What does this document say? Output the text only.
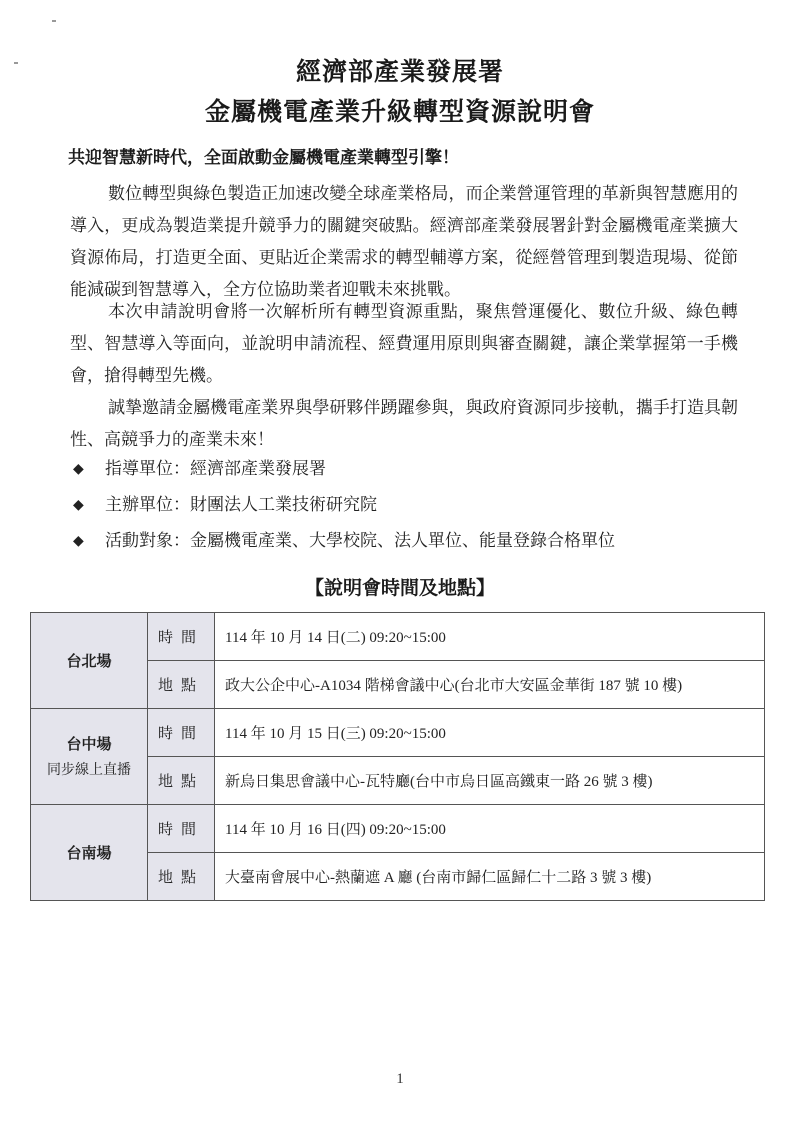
經濟部產業發展署
金屬機電產業升級轉型資源說明會
共迎智慧新時代，全面啟動金屬機電產業轉型引擎！
數位轉型與綠色製造正加速改變全球產業格局，而企業營運管理的革新與智慧應用的導入，更成為製造業提升競爭力的關鍵突破點。經濟部產業發展署針對金屬機電產業擴大資源佈局，打造更全面、更貼近企業需求的轉型輔導方案，從經營管理到製造現場、從節能減碳到智慧導入，全方位協助業者迎戰未來挑戰。
本次申請說明會將一次解析所有轉型資源重點，聚焦營運優化、數位升級、綠色轉型、智慧導入等面向，並說明申請流程、經費運用原則與審查關鍵，讓企業掌握第一手機會，搶得轉型先機。
誠摯邀請金屬機電產業界與學研夥伴踴躍參與，與政府資源同步接軌，攜手打造具韌性、高競爭力的產業未來！
◆	指導單位：經濟部產業發展署
◆	主辦單位：財團法人工業技術研究院
◆	活動對象：金屬機電產業、大學校院、法人單位、能量登錄合格單位
【說明會時間及地點】
台北場	時間	114 年 10 月 14 日(二) 09:20~15:00
	地點	政大公企中心-A1034 階梯會議中心(台北市大安區金華街 187 號 10 樓)
台中場
同步線上直播	時間	114 年 10 月 15 日(三) 09:20~15:00
	地點	新烏日集思會議中心-瓦特廳(台中市烏日區高鐵東一路 26 號 3 樓)
台南場	時間	114 年 10 月 16 日(四) 09:20~15:00
	地點	大臺南會展中心-熱蘭遮 A 廳 (台南市歸仁區歸仁十二路 3 號 3 樓)
1
